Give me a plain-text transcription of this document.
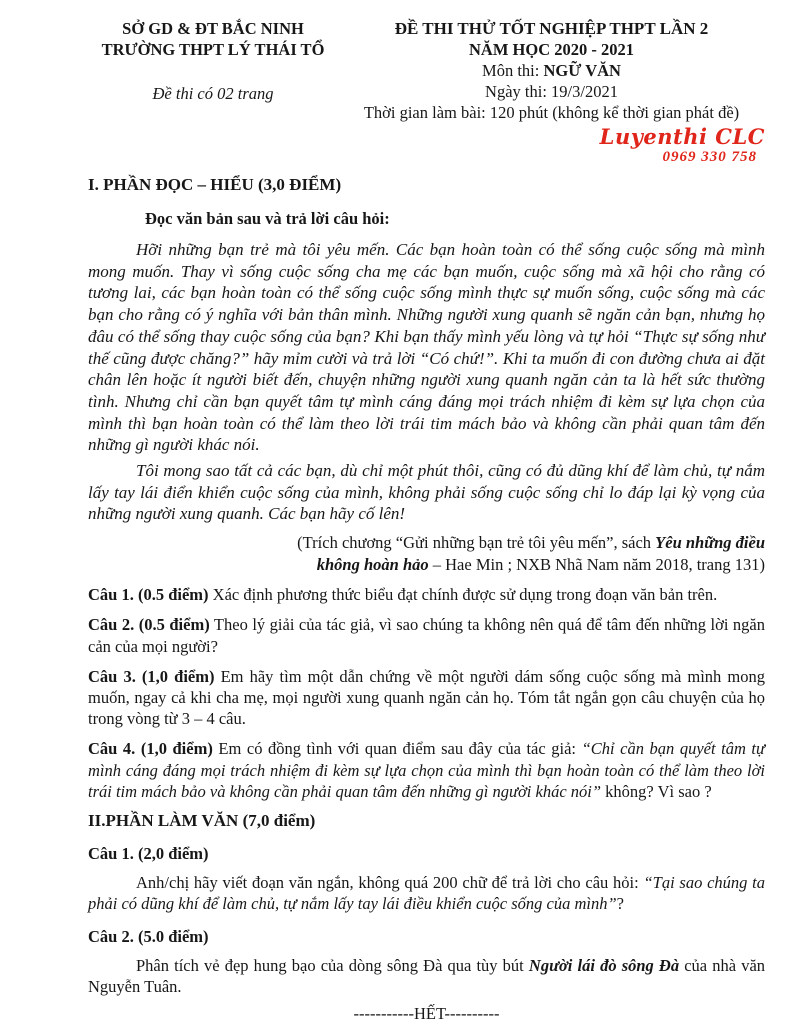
SỞ GD & ĐT BẮC NINH
TRƯỜNG THPT LÝ THÁI TỔ
Đề thi có 02 trang
ĐỀ THI THỬ TỐT NGHIỆP THPT LẦN 2
NĂM HỌC 2020 - 2021
Môn thi: NGỮ VĂN
Ngày thi: 19/3/2021
Thời gian làm bài: 120 phút (không kể thời gian phát đề)
Luyenthi CLC
0969 330 758
I. PHẦN ĐỌC – HIỂU (3,0 ĐIỂM)

Đọc văn bản sau và trả lời câu hỏi:

Hỡi những bạn trẻ mà tôi yêu mến. Các bạn hoàn toàn có thể sống cuộc sống mà mình mong muốn. Thay vì sống cuộc sống cha mẹ các bạn muốn, cuộc sống mà xã hội cho rằng có tương lai, các bạn hoàn toàn có thể sống cuộc sống mình thực sự muốn sống, cuộc sống mà các bạn cho rằng có ý nghĩa với bản thân mình. Những người xung quanh sẽ ngăn cản bạn, nhưng họ đâu có thể sống thay cuộc sống của bạn? Khi bạn thấy mình yếu lòng và tự hỏi “Thực sự sống như thế cũng được chăng?” hãy mỉm cười và trả lời “Có chứ!”. Khi ta muốn đi con đường chưa ai đặt chân lên hoặc ít người biết đến, chuyện những người xung quanh ngăn cản ta là hết sức thường tình. Nhưng chỉ cần bạn quyết tâm tự mình cáng đáng mọi trách nhiệm đi kèm sự lựa chọn của mình thì bạn hoàn toàn có thể làm theo lời trái tim mách bảo và không cần phải quan tâm đến những gì người khác nói.

Tôi mong sao tất cả các bạn, dù chỉ một phút thôi, cũng có đủ dũng khí để làm chủ, tự nắm lấy tay lái điển khiển cuộc sống của mình, không phải sống cuộc sống chỉ lo đáp lại kỳ vọng của những người xung quanh. Các bạn hãy cố lên!

(Trích chương “Gửi những bạn trẻ tôi yêu mến”, sách Yêu những điều
không hoàn hảo – Hae Min ; NXB Nhã Nam năm 2018, trang 131)

Câu 1. (0.5 điểm) Xác định phương thức biểu đạt chính được sử dụng trong đoạn văn bản trên.

Câu 2. (0.5 điểm) Theo lý giải của tác giả, vì sao chúng ta không nên quá để tâm đến những lời ngăn cản của mọi người?

Câu 3. (1,0 điểm) Em hãy tìm một dẫn chứng về một người dám sống cuộc sống mà mình mong muốn, ngay cả khi cha mẹ, mọi người xung quanh ngăn cản họ. Tóm tắt ngắn gọn câu chuyện của họ trong vòng từ 3 – 4 câu.

Câu 4. (1,0 điểm) Em có đồng tình với quan điểm sau đây của tác giả: “Chỉ cần bạn quyết tâm tự mình cáng đáng mọi trách nhiệm đi kèm sự lựa chọn của mình thì bạn hoàn toàn có thể làm theo lời trái tim mách bảo và không cần phải quan tâm đến những gì người khác nói” không? Vì sao ?

II.PHẦN LÀM VĂN (7,0 điểm)
Câu 1. (2,0 điểm)

Anh/chị hãy viết đoạn văn ngắn, không quá 200 chữ để trả lời cho câu hỏi: “Tại sao chúng ta phải có dũng khí để làm chủ, tự nắm lấy tay lái điều khiển cuộc sống của mình”?

Câu 2. (5.0 điểm)

Phân tích vẻ đẹp hung bạo của dòng sông Đà qua tùy bút Người lái đò sông Đà của nhà văn Nguyễn Tuân.

-----------HẾT----------
